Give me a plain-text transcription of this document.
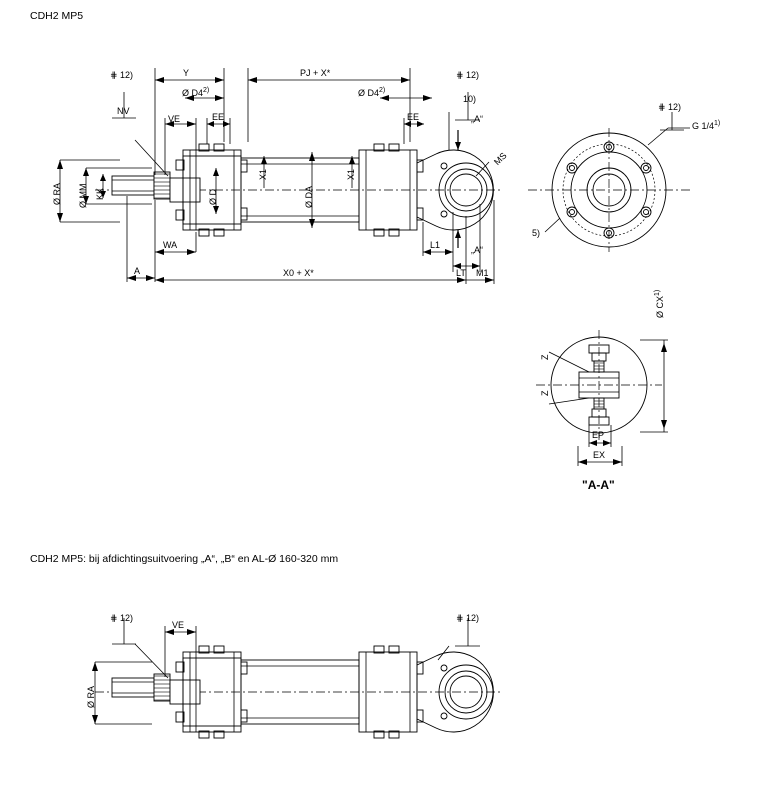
CDH2 MP5
CDH2 MP5: bij afdichtingsuitvoering „A“, „B“ en AL-Ø 160-320 mm
⋕ 12)	Y	PJ + X*	⋕ 12)
Ø D4$^{2)}$	Ø D4$^{2)}$
10)
NV
VE	EE	EE	„A“
„A“
MS
Ø RA Ø MM KK	Ø D	Ø DA
X1	X1
WA
A	X0 + X*
L1
LT M1
⋕ 12)
G 1/4$^{1)}$
5)
Ø CX$^{1)}$
Z
Z
EP
EX
"A-A"
⋕ 12)
VE
⋕ 12)
Ø RA
